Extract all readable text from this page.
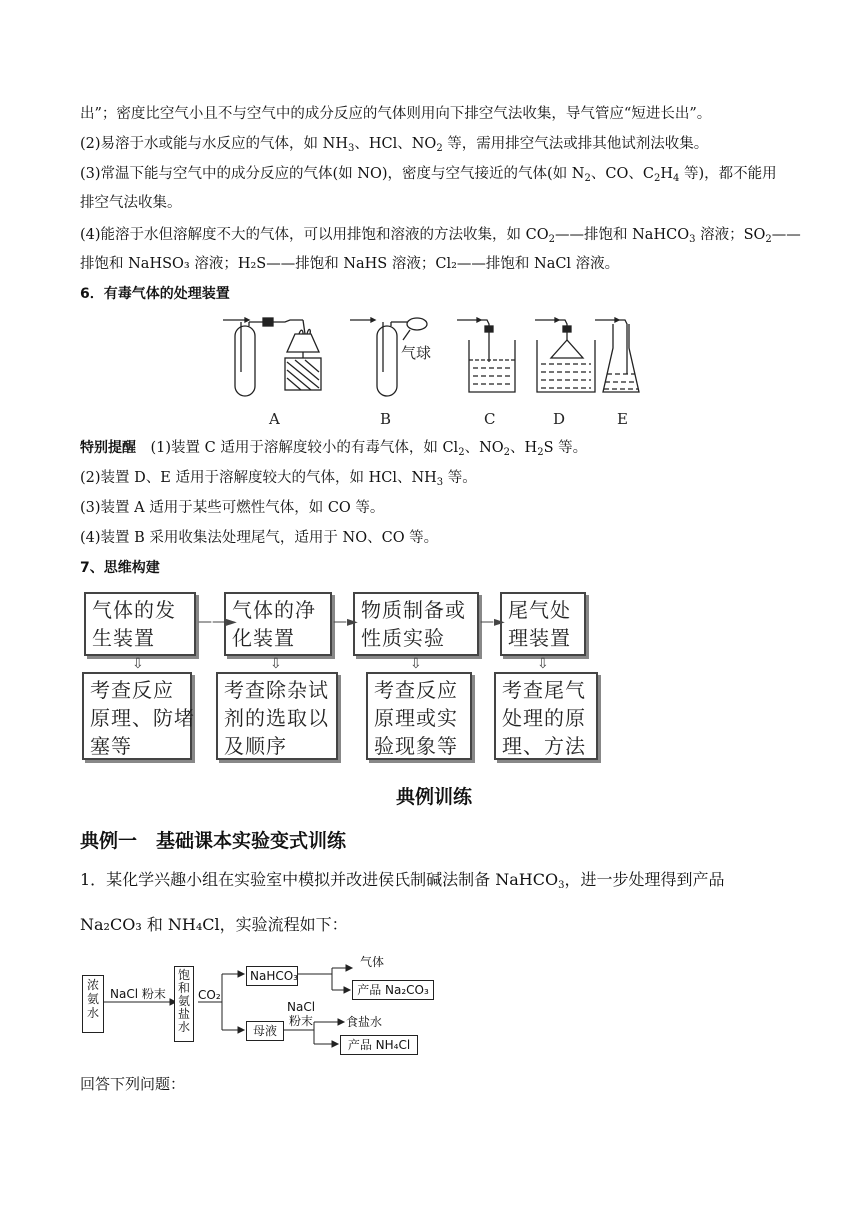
出”；密度比空气小且不与空气中的成分反应的气体则用向下排空气法收集，导气管应“短进长出”。
(2)易溶于水或能与水反应的气体，如 $NH_3$、HCl、$NO_2$ 等，需用排空气法或排其他试剂法收集。
(3)常温下能与空气中的成分反应的气体(如 NO)，密度与空气接近的气体(如 $N_2$、CO、$C_2H_4$ 等)，都不能用
排空气法收集。
(4)能溶于水但溶解度不大的气体，可以用排饱和溶液的方法收集，如 $CO_2——$排饱和 NaHCO$_3$ 溶液；$SO_2——$
排饱和 NaHSO₃ 溶液；H₂S——排饱和 NaHS 溶液；Cl₂——排饱和 NaCl 溶液。
6．有毒气体的处理装置
气球
A	B	C	D	E
特别提醒　 (1)装置 C 适用于溶解度较小的有毒气体，如 $Cl_2$、$NO_2$、$H_2S$ 等。
(2)装置 D、E 适用于溶解度较大的气体，如 HCl、$NH_3$ 等。
(3)装置 A 适用于某些可燃性气体，如 CO 等。
(4)装置 B 采用收集法处理尾气，适用于 NO、CO 等。
7、思维构建
气体的发
生装置
气体的净
化装置
物质制备或
性质实验
尾气处
理装置
——►	—►	—►
⇩	⇩	⇩	⇩
考查反应
原理、防堵
塞等
考查除杂试
剂的选取以
及顺序
考查反应
原理或实
验现象等
考查尾气
处理的原
理、方法
典例训练
典例一　基础课本实验变式训练
1．某化学兴趣小组在实验室中模拟并改进侯氏制碱法制备 NaHCO$_3$，进一步处理得到产品
Na₂CO₃ 和 NH₄Cl，实验流程如下：
浓
氨
水
NaCl 粉末
饱
和
氨
盐
水
CO₂
NaHCO₃
气体
产品 Na₂CO₃
母液
NaCl
粉末	食盐水
产品 NH₄Cl
回答下列问题：
